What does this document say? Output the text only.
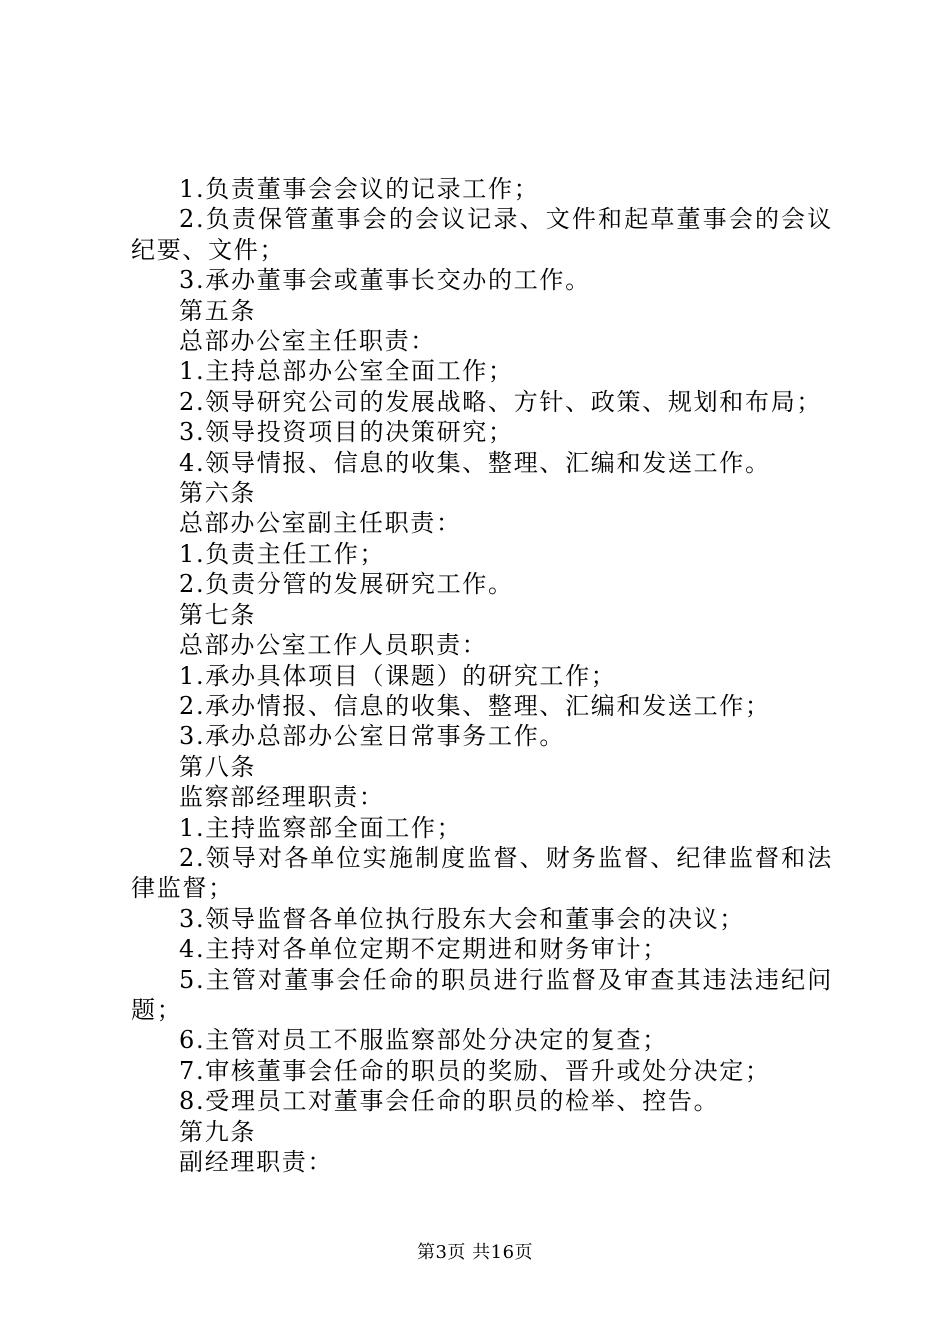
1.负责董事会会议的记录工作；

2.负责保管董事会的会议记录、文件和起草董事会的会议纪要、文件；

3.承办董事会或董事长交办的工作。

第五条

总部办公室主任职责：

1.主持总部办公室全面工作；

2.领导研究公司的发展战略、方针、政策、规划和布局；

3.领导投资项目的决策研究；

4.领导情报、信息的收集、整理、汇编和发送工作。

第六条

总部办公室副主任职责：

1.负责主任工作；

2.负责分管的发展研究工作。

第七条

总部办公室工作人员职责：

1.承办具体项目（课题）的研究工作；

2.承办情报、信息的收集、整理、汇编和发送工作；

3.承办总部办公室日常事务工作。

第八条

监察部经理职责：

1.主持监察部全面工作；

2.领导对各单位实施制度监督、财务监督、纪律监督和法律监督；

3.领导监督各单位执行股东大会和董事会的决议；

4.主持对各单位定期不定期进和财务审计；

5.主管对董事会任命的职员进行监督及审查其违法违纪问题；

6.主管对员工不服监察部处分决定的复查；

7.审核董事会任命的职员的奖励、晋升或处分决定；

8.受理员工对董事会任命的职员的检举、控告。

第九条

副经理职责：

第3页 共16页
